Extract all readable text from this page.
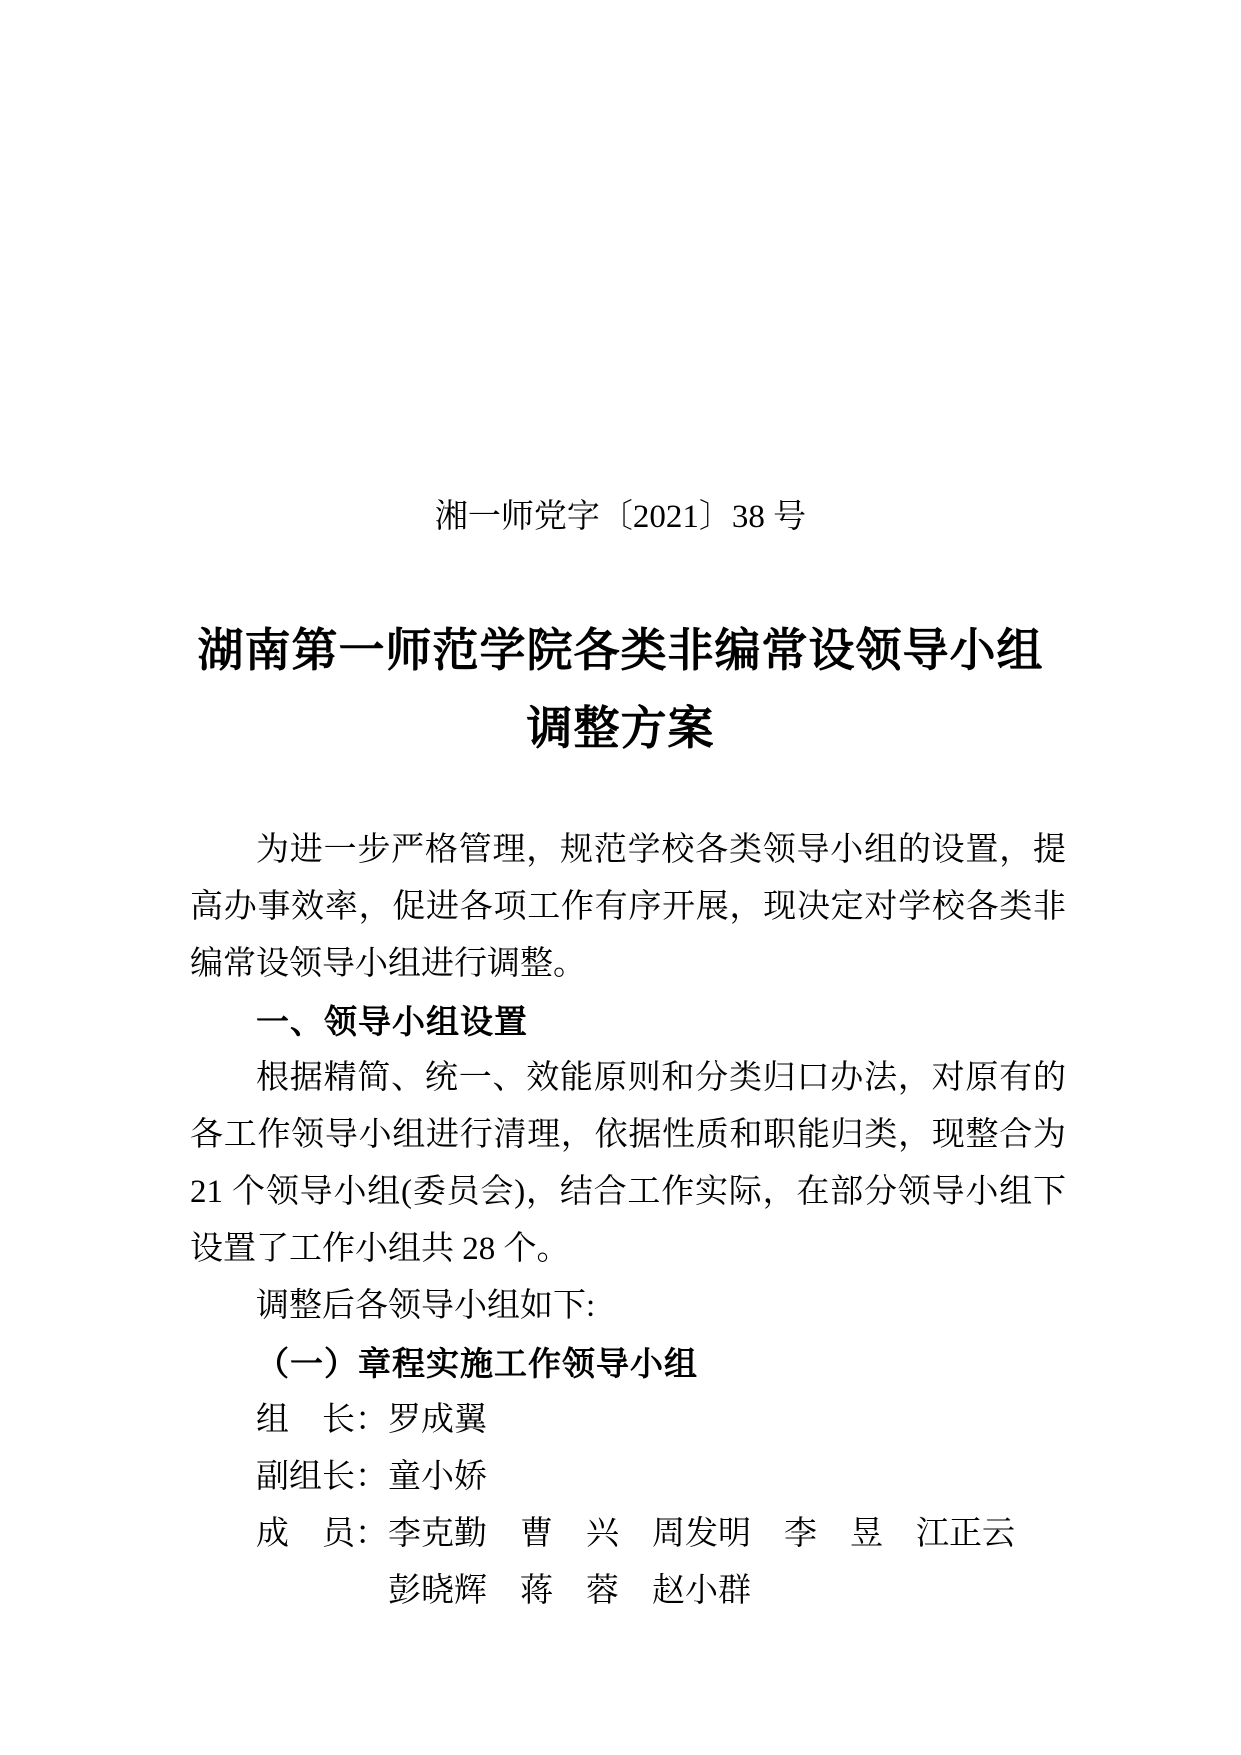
湘一师党字〔2021〕38 号
湖南第一师范学院各类非编常设领导小组
调整方案
为进一步严格管理，规范学校各类领导小组的设置，提
高办事效率，促进各项工作有序开展，现决定对学校各类非
编常设领导小组进行调整。
一、领导小组设置
根据精简、统一、效能原则和分类归口办法，对原有的
各工作领导小组进行清理，依据性质和职能归类，现整合为
21 个领导小组(委员会)，结合工作实际，在部分领导小组下
设置了工作小组共 28 个。
调整后各领导小组如下:
（一）章程实施工作领导小组
组　长：罗成翼
副组长：童小娇
成　员：李克勤　曹　兴　周发明　李　昱　江正云
彭晓辉　蒋　蓉　赵小群
